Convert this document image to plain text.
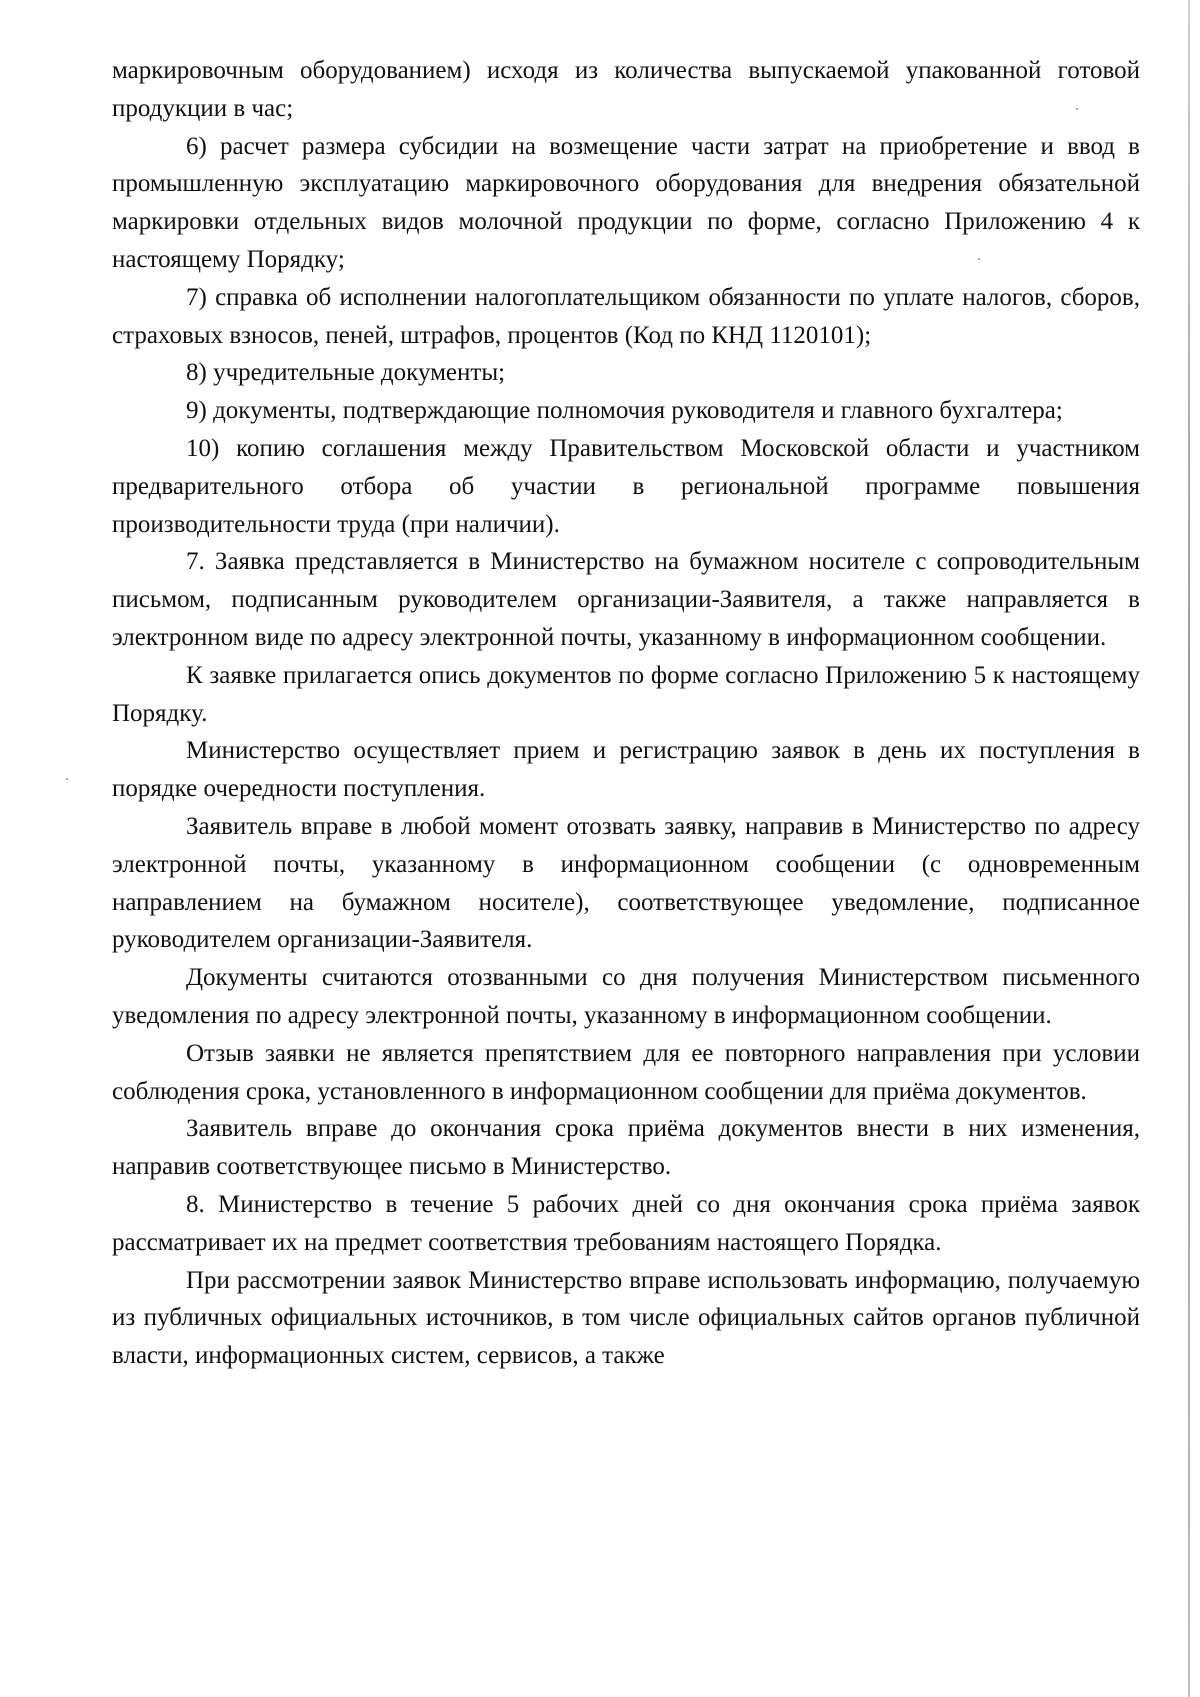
маркировочным оборудованием) исходя из количества выпускаемой упакованной готовой продукции в час;

6) расчет размера субсидии на возмещение части затрат на приобретение и ввод в промышленную эксплуатацию маркировочного оборудования для внедрения обязательной маркировки отдельных видов молочной продукции по форме, согласно Приложению 4 к настоящему Порядку;

7) справка об исполнении налогоплательщиком обязанности по уплате налогов, сборов, страховых взносов, пеней, штрафов, процентов (Код по КНД 1120101);

8) учредительные документы;

9) документы, подтверждающие полномочия руководителя и главного бухгалтера;

10) копию соглашения между Правительством Московской области и участником предварительного отбора об участии в региональной программе повышения производительности труда (при наличии).

7. Заявка представляется в Министерство на бумажном носителе с сопроводительным письмом, подписанным руководителем организации-Заявителя, а также направляется в электронном виде по адресу электронной почты, указанному в информационном сообщении.

К заявке прилагается опись документов по форме согласно Приложению 5 к настоящему Порядку.

Министерство осуществляет прием и регистрацию заявок в день их поступления в порядке очередности поступления.

Заявитель вправе в любой момент отозвать заявку, направив в Министерство по адресу электронной почты, указанному в информационном сообщении (с одновременным направлением на бумажном носителе), соответствующее уведомление, подписанное руководителем организации-Заявителя.

Документы считаются отозванными со дня получения Министерством письменного уведомления по адресу электронной почты, указанному в информационном сообщении.

Отзыв заявки не является препятствием для ее повторного направления при условии соблюдения срока, установленного в информационном сообщении для приёма документов.

Заявитель вправе до окончания срока приёма документов внести в них изменения, направив соответствующее письмо в Министерство.

8. Министерство в течение 5 рабочих дней со дня окончания срока приёма заявок рассматривает их на предмет соответствия требованиям настоящего Порядка.

При рассмотрении заявок Министерство вправе использовать информацию, получаемую из публичных официальных источников, в том числе официальных сайтов органов публичной власти, информационных систем, сервисов, а также
